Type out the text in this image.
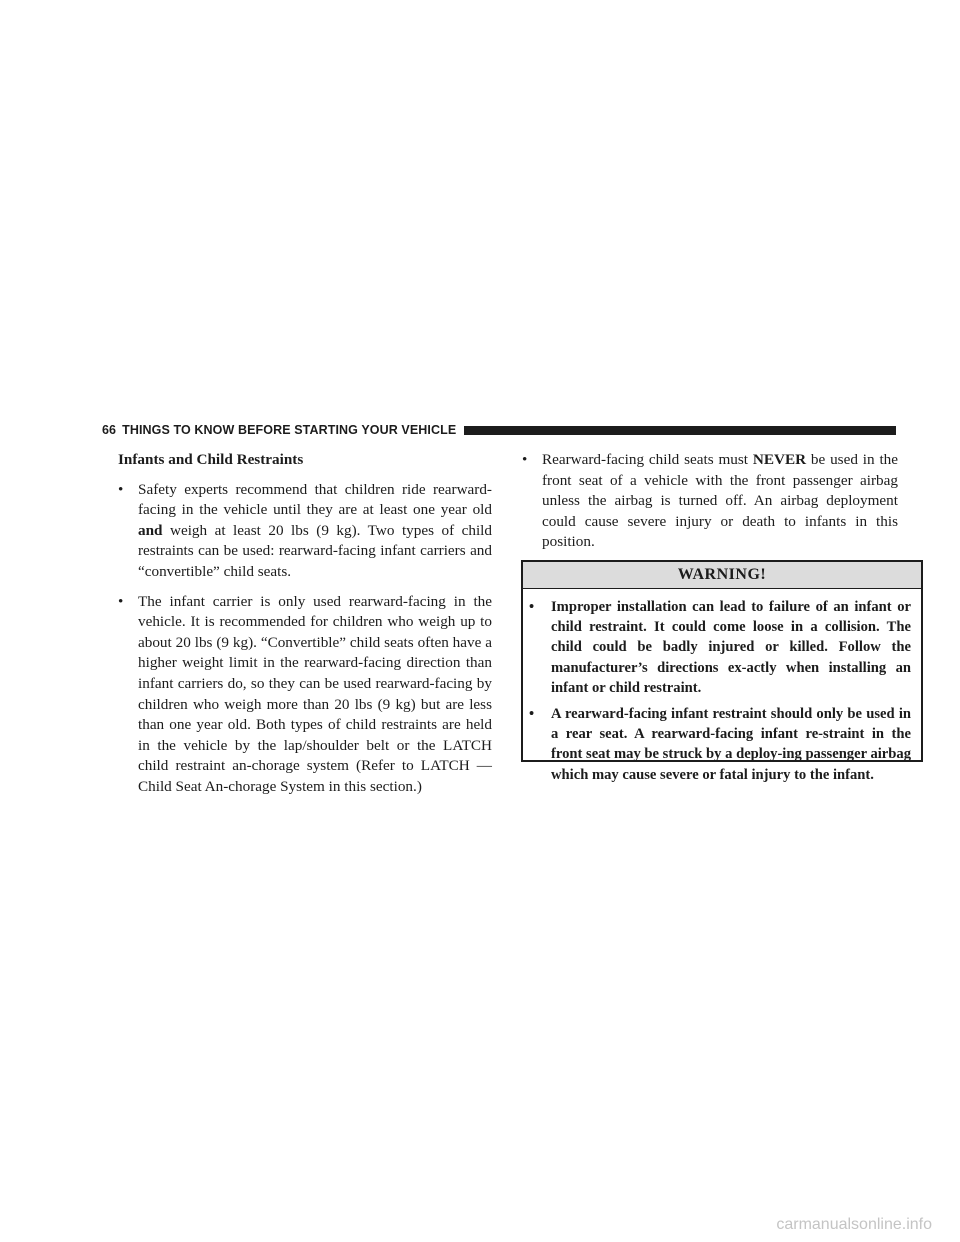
66 THINGS TO KNOW BEFORE STARTING YOUR VEHICLE
Infants and Child Restraints
• Safety experts recommend that children ride rearward-facing in the vehicle until they are at least one year old and weigh at least 20 lbs (9 kg). Two types of child restraints can be used: rearward-facing infant carriers and “convertible” child seats.

• The infant carrier is only used rearward-facing in the vehicle. It is recommended for children who weigh up to about 20 lbs (9 kg). “Convertible” child seats often have a higher weight limit in the rearward-facing direction than infant carriers do, so they can be used rearward-facing by children who weigh more than 20 lbs (9 kg) but are less than one year old. Both types of child restraints are held in the vehicle by the lap/shoulder belt or the LATCH child restraint an-chorage system (Refer to LATCH — Child Seat An-chorage System in this section.)

• Rearward-facing child seats must NEVER be used in the front seat of a vehicle with the front passenger airbag unless the airbag is turned off. An airbag deployment could cause severe injury or death to infants in this position.

WARNING!
• Improper installation can lead to failure of an infant or child restraint. It could come loose in a collision. The child could be badly injured or killed. Follow the manufacturer’s directions ex-actly when installing an infant or child restraint.

• A rearward-facing infant restraint should only be used in a rear seat. A rearward-facing infant re-straint in the front seat may be struck by a deploy-ing passenger airbag which may cause severe or fatal injury to the infant.

carmanualsonline.info
